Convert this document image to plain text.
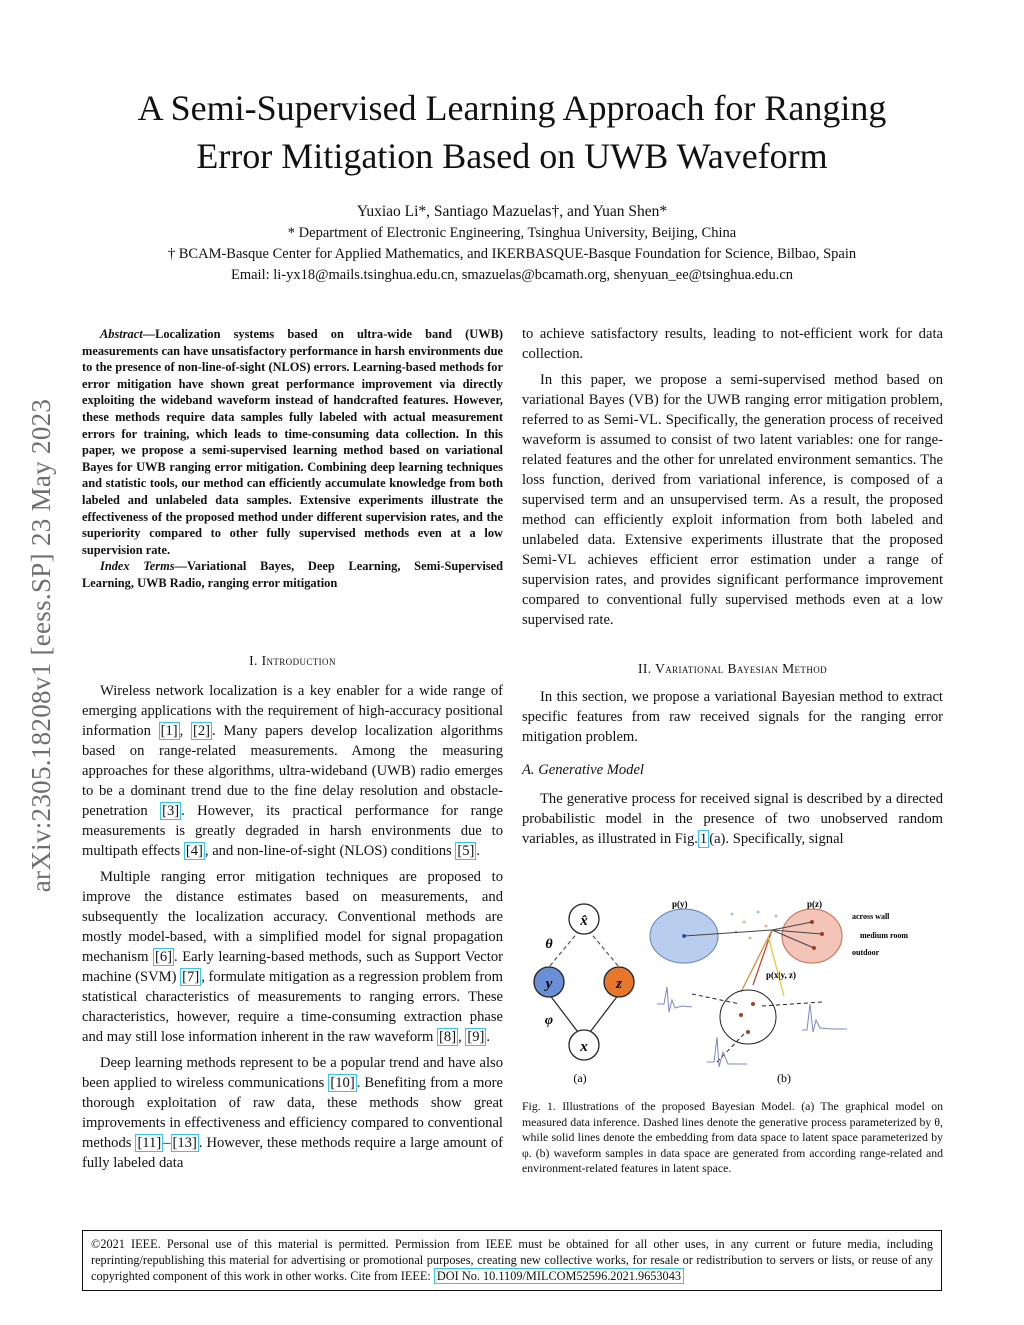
arXiv:2305.18208v1 [eess.SP] 23 May 2023
A Semi-Supervised Learning Approach for Ranging
Error Mitigation Based on UWB Waveform
Yuxiao Li*, Santiago Mazuelas†, and Yuan Shen*
* Department of Electronic Engineering, Tsinghua University, Beijing, China
† BCAM-Basque Center for Applied Mathematics, and IKERBASQUE-Basque Foundation for Science, Bilbao, Spain
Email: li-yx18@mails.tsinghua.edu.cn, smazuelas@bcamath.org, shenyuan_ee@tsinghua.edu.cn
Abstract—Localization systems based on ultra-wide band (UWB) measurements can have unsatisfactory performance in harsh environments due to the presence of non-line-of-sight (NLOS) errors. Learning-based methods for error mitigation have shown great performance improvement via directly exploiting the wideband waveform instead of handcrafted features. However, these methods require data samples fully labeled with actual measurement errors for training, which leads to time-consuming data collection. In this paper, we propose a semi-supervised learning method based on variational Bayes for UWB ranging error mitigation. Combining deep learning techniques and statistic tools, our method can efficiently accumulate knowledge from both labeled and unlabeled data samples. Extensive experiments illustrate the effectiveness of the proposed method under different supervision rates, and the superiority compared to other fully supervised methods even at a low supervision rate.
Index Terms—Variational Bayes, Deep Learning, Semi-Supervised Learning, UWB Radio, ranging error mitigation
I. Introduction

Wireless network localization is a key enabler for a wide range of emerging applications with the requirement of high-accuracy positional information [1] , [2] . Many papers develop localization algorithms based on range-related measurements. Among the measuring approaches for these algorithms, ultra-wideband (UWB) radio emerges to be a dominant trend due to the fine delay resolution and obstacle-penetration [3] . However, its practical performance for range measurements is greatly degraded in harsh environments due to multipath effects [4] , and non-line-of-sight (NLOS) conditions [5] .

Multiple ranging error mitigation techniques are proposed to improve the distance estimates based on measurements, and subsequently the localization accuracy. Conventional methods are mostly model-based, with a simplified model for signal propagation mechanism [6] . Early learning-based methods, such as Support Vector machine (SVM) [7] , formulate mitigation as a regression problem from statistical characteristics of measurements to ranging errors. These characteristics, however, require a time-consuming extraction phase and may still lose information inherent in the raw waveform [8] , [9] .

Deep learning methods represent to be a popular trend and have also been applied to wireless communications [10] . Benefiting from a more thorough exploitation of raw data, these methods show great improvements in effectiveness and efficiency compared to conventional methods [11] – [13] . However, these methods require a large amount of fully labeled data

to achieve satisfactory results, leading to not-efficient work for data collection.

In this paper, we propose a semi-supervised method based on variational Bayes (VB) for the UWB ranging error mitigation problem, referred to as Semi-VL. Specifically, the generation process of received waveform is assumed to consist of two latent variables: one for range-related features and the other for unrelated environment semantics. The loss function, derived from variational inference, is composed of a supervised term and an unsupervised term. As a result, the proposed method can efficiently exploit information from both labeled and unlabeled data. Extensive experiments illustrate that the proposed Semi-VL achieves efficient error estimation under a range of supervision rates, and provides significant performance improvement compared to conventional fully supervised methods even at a low supervised rate.

II. Variational Bayesian Method

In this section, we propose a variational Bayesian method to extract specific features from raw received signals for the ranging error mitigation problem.

A. Generative Model

The generative process for received signal is described by a directed probabilistic model in the presence of two unobserved random variables, as illustrated in Fig. 1 (a). Specifically, signal

x̂
y	z
x
θ
φ
(a)
p(y)	p(z)
across wall
medium room
outdoor
p(x|y, z)
(b)
Fig. 1. Illustrations of the proposed Bayesian Model. (a) The graphical model on measured data inference. Dashed lines denote the generative process parameterized by θ, while solid lines denote the embedding from data space to latent space parameterized by φ. (b) waveform samples in data space are generated from according range-related and environment-related features in latent space.
©2021 IEEE. Personal use of this material is permitted. Permission from IEEE must be obtained for all other uses, in any current or future media, including reprinting/republishing this material for advertising or promotional purposes, creating new collective works, for resale or redistribution to servers or lists, or reuse of any copyrighted component of this work in other works. Cite from IEEE: DOI No. 10.1109/MILCOM52596.2021.9653043
